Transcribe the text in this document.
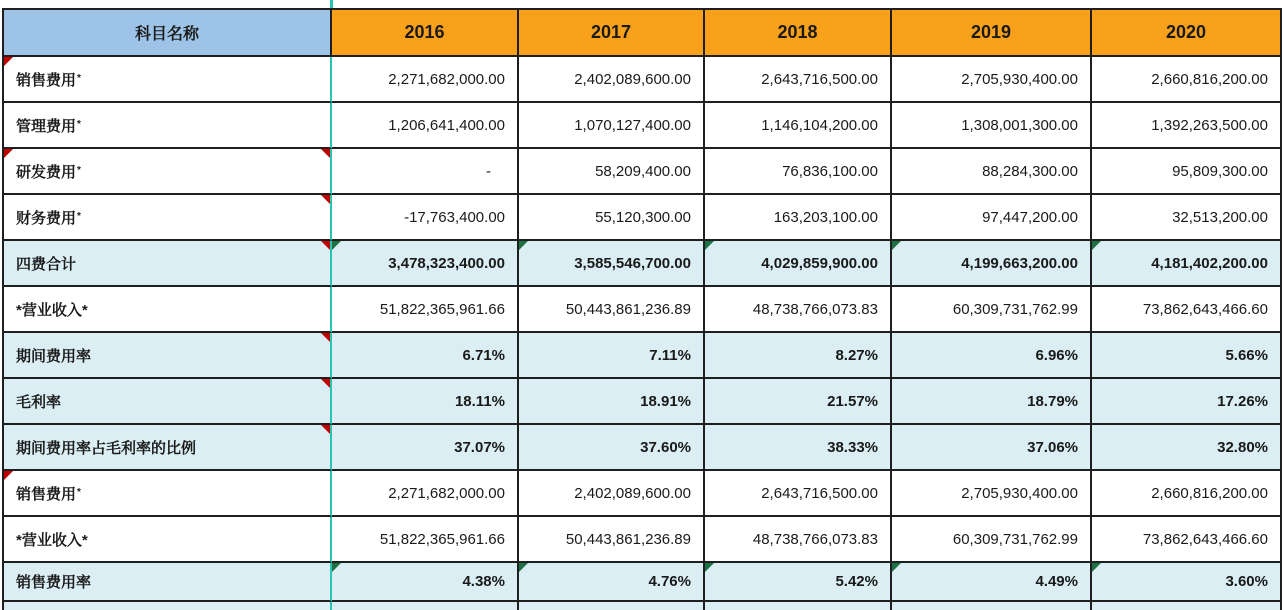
科目名称	2016	2017	2018	2019	2020
销售费用 *	2,271,682,000.00	2,402,089,600.00	2,643,716,500.00	2,705,930,400.00	2,660,816,200.00
管理费用 *	1,206,641,400.00	1,070,127,400.00	1,146,104,200.00	1,308,001,300.00	1,392,263,500.00
研发费用 *	-	58,209,400.00	76,836,100.00	88,284,300.00	95,809,300.00
财务费用 *	-17,763,400.00	55,120,300.00	163,203,100.00	97,447,200.00	32,513,200.00
四费合计	3,478,323,400.00	3,585,546,700.00	4,029,859,900.00	4,199,663,200.00	4,181,402,200.00
*营业收入*	51,822,365,961.66	50,443,861,236.89	48,738,766,073.83	60,309,731,762.99	73,862,643,466.60
期间费用率	6.71%	7.11%	8.27%	6.96%	5.66%
毛利率	18.11%	18.91%	21.57%	18.79%	17.26%
期间费用率占毛利率的比例	37.07%	37.60%	38.33%	37.06%	32.80%
销售费用 *	2,271,682,000.00	2,402,089,600.00	2,643,716,500.00	2,705,930,400.00	2,660,816,200.00
*营业收入*	51,822,365,961.66	50,443,861,236.89	48,738,766,073.83	60,309,731,762.99	73,862,643,466.60
销售费用率	4.38%	4.76%	5.42%	4.49%	3.60%
